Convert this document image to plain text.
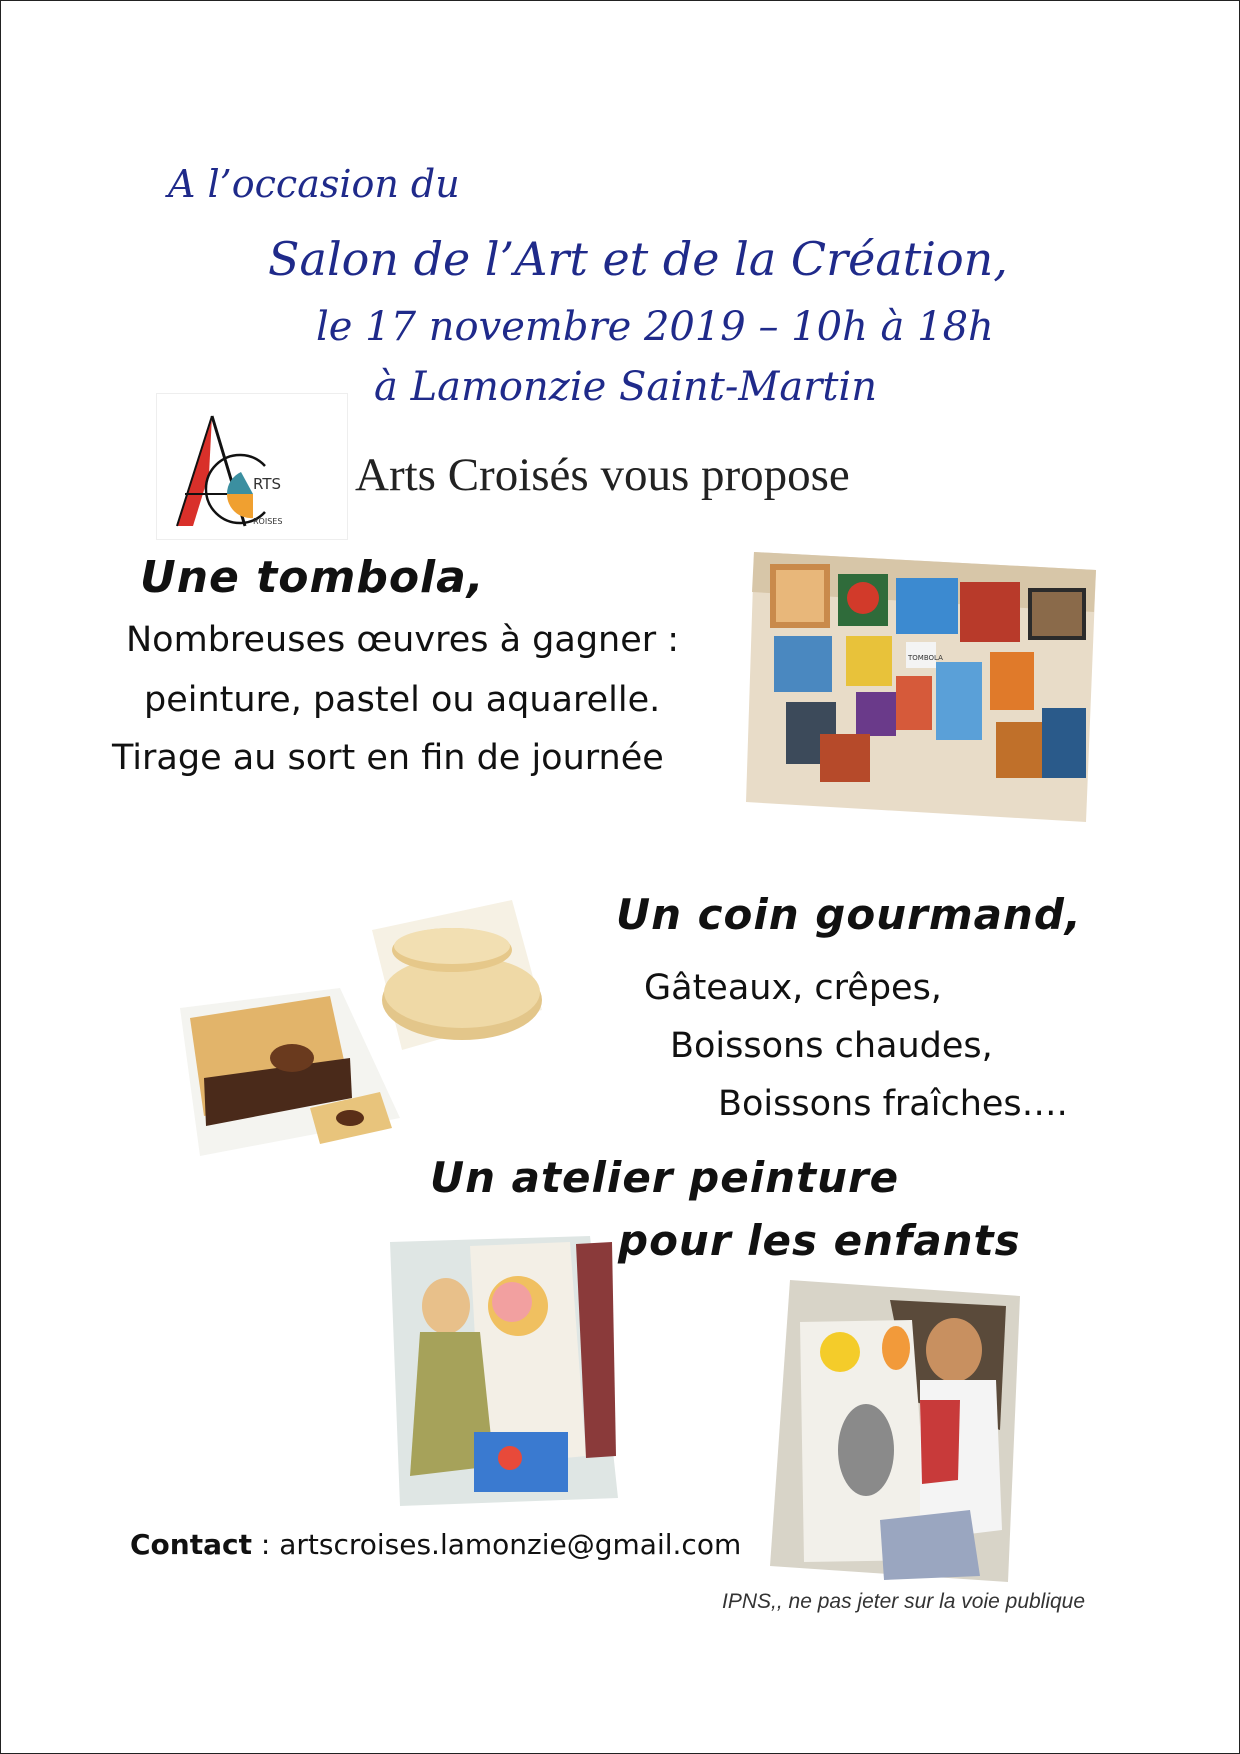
A l’occasion du
Salon de l’Art et de la Création,
le 17 novembre 2019 – 10h à 18h
à Lamonzie Saint-Martin
RTS
ROISES
Arts Croisés vous propose
Une tombola,
Nombreuses œuvres à gagner :
peinture, pastel ou aquarelle.
Tirage au sort en fin de journée
TOMBOLA
Un coin gourmand,
Gâteaux, crêpes,
Boissons chaudes,
Boissons fraîches….
Un atelier peinture
pour les enfants
Contact : artscroises.lamonzie@gmail.com
IPNS,, ne pas jeter sur la voie publique
